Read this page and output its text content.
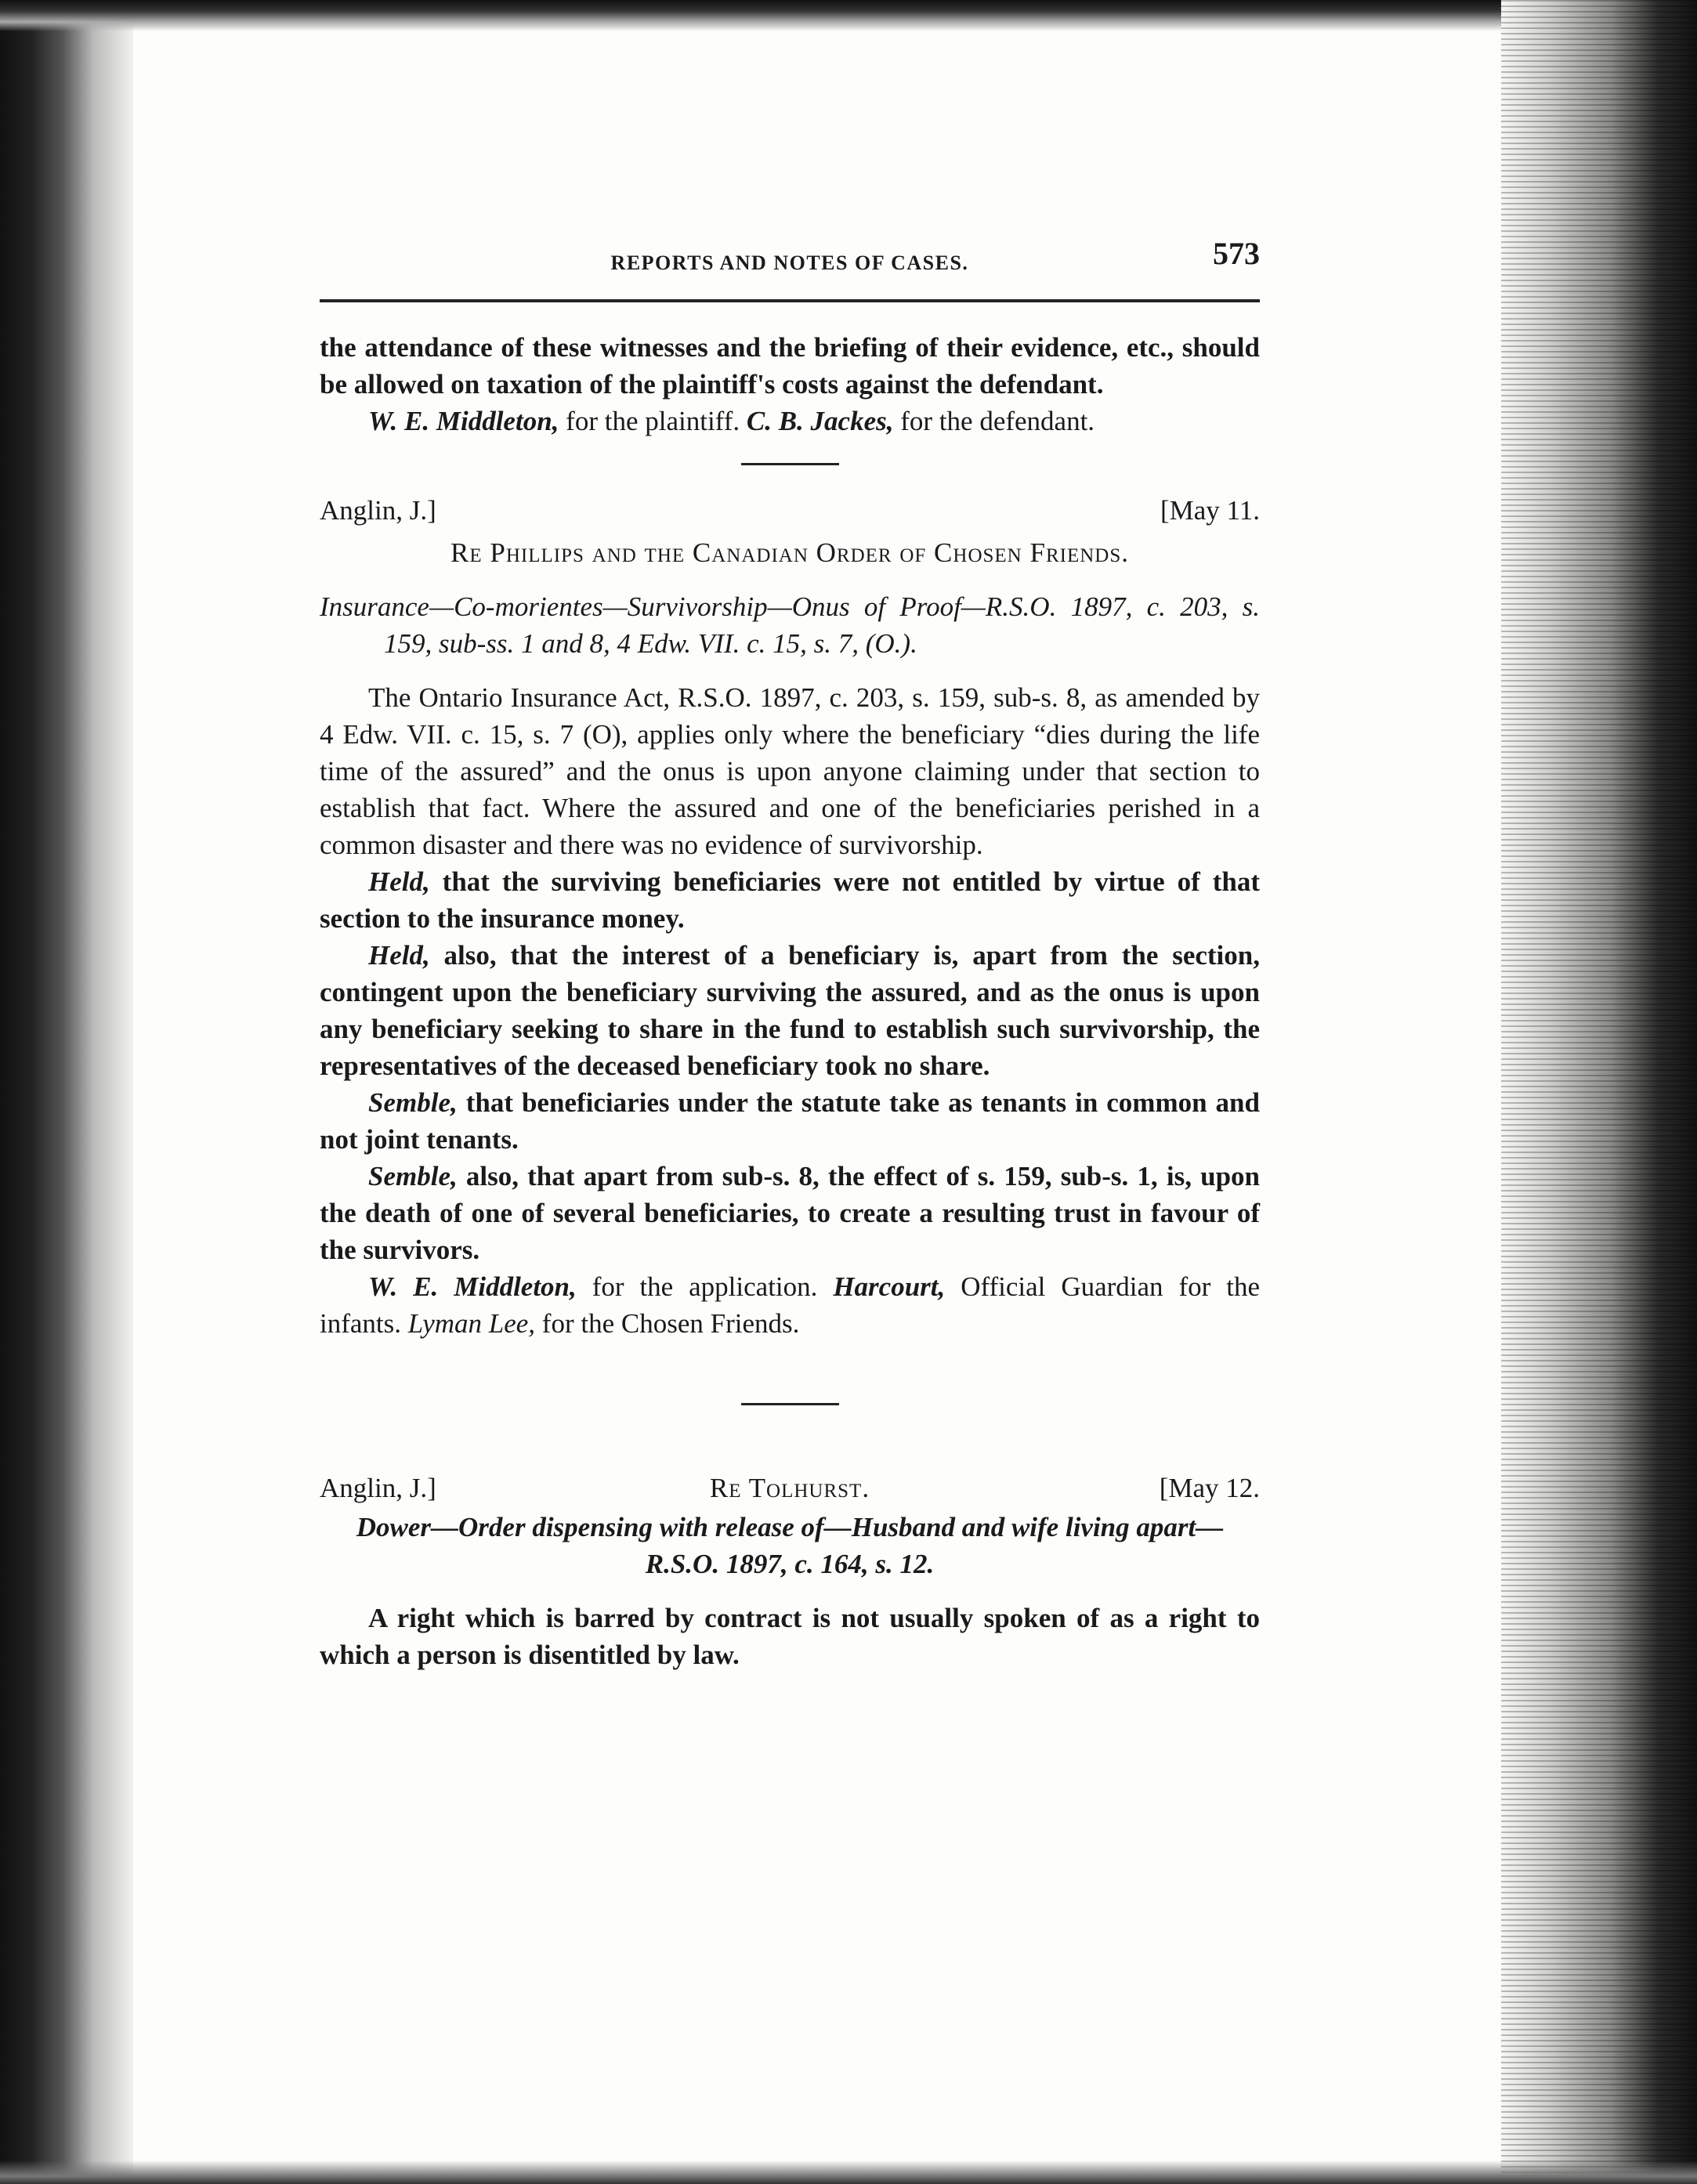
REPORTS AND NOTES OF CASES.	573

the attendance of these witnesses and the briefing of their evidence, etc., should be allowed on taxation of the plaintiff's costs against the defendant.

W. E. Middleton, for the plaintiff. C. B. Jackes, for the defendant.

Anglin, J.]	[May 11.
Re Phillips and the Canadian Order of Chosen Friends.

Insurance—Co-morientes—Survivorship—Onus of Proof—R.S.O. 1897, c. 203, s. 159, sub-ss. 1 and 8, 4 Edw. VII. c. 15, s. 7, (O.).

The Ontario Insurance Act, R.S.O. 1897, c. 203, s. 159, sub-s. 8, as amended by 4 Edw. VII. c. 15, s. 7 (O), applies only where the beneficiary “dies during the life time of the assured” and the onus is upon anyone claiming under that section to establish that fact. Where the assured and one of the beneficiaries perished in a common disaster and there was no evidence of survivorship.

Held, that the surviving beneficiaries were not entitled by virtue of that section to the insurance money.

Held, also, that the interest of a beneficiary is, apart from the section, contingent upon the beneficiary surviving the assured, and as the onus is upon any beneficiary seeking to share in the fund to establish such survivorship, the representatives of the deceased beneficiary took no share.

Semble, that beneficiaries under the statute take as tenants in common and not joint tenants.

Semble, also, that apart from sub-s. 8, the effect of s. 159, sub-s. 1, is, upon the death of one of several beneficiaries, to create a resulting trust in favour of the survivors.

W. E. Middleton, for the application. Harcourt, Official Guardian for the infants. Lyman Lee, for the Chosen Friends.

Anglin, J.]	Re Tolhurst.	[May 12.

Dower—Order dispensing with release of—Husband and wife living apart—R.S.O. 1897, c. 164, s. 12.

A right which is barred by contract is not usually spoken of as a right to which a person is disentitled by law.
